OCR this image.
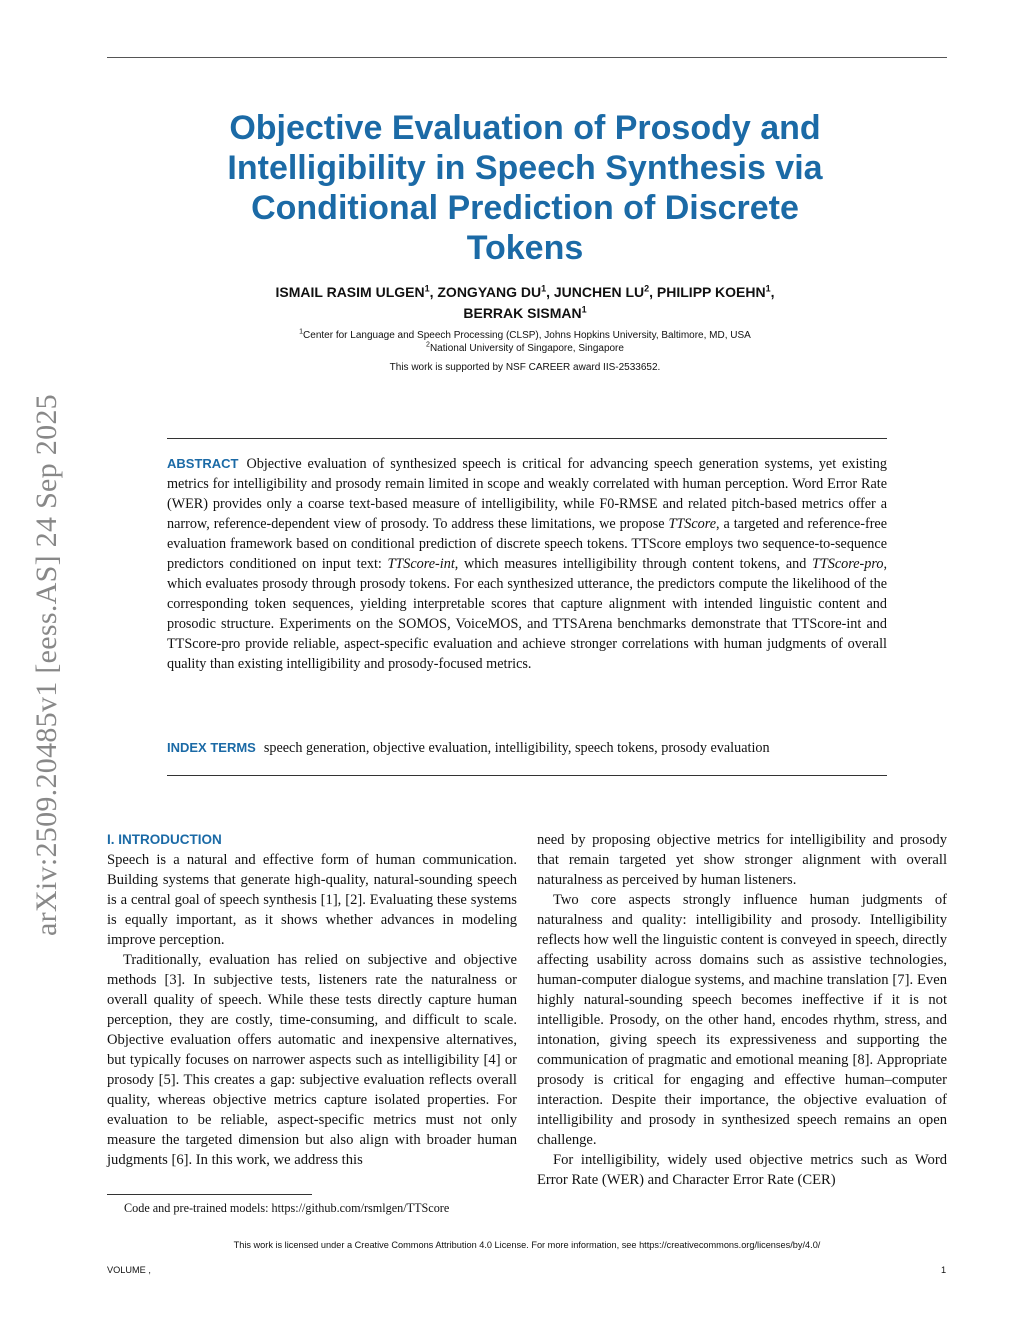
arXiv:2509.20485v1 [eess.AS] 24 Sep 2025
Objective Evaluation of Prosody and Intelligibility in Speech Synthesis via Conditional Prediction of Discrete Tokens
ISMAIL RASIM ULGEN$^1$, ZONGYANG $DU^1$, JUNCHEN $LU^2$, PHILIPP KOEHN$^1$,
BERRAK SISMAN$^1$
$^1$Center for Language and Speech Processing (CLSP), Johns Hopkins University, Baltimore, MD, USA
$^2$National University of Singapore, Singapore
This work is supported by NSF CAREER award IIS-2533652.

ABSTRACT Objective evaluation of synthesized speech is critical for advancing speech generation systems, yet existing metrics for intelligibility and prosody remain limited in scope and weakly correlated with human perception. Word Error Rate (WER) provides only a coarse text-based measure of intelligibility, while F0-RMSE and related pitch-based metrics offer a narrow, reference-dependent view of prosody. To address these limitations, we propose TTScore, a targeted and reference-free evaluation framework based on conditional prediction of discrete speech tokens. TTScore employs two sequence-to-sequence predictors conditioned on input text: TTScore-int, which measures intelligibility through content tokens, and TTScore-pro, which evaluates prosody through prosody tokens. For each synthesized utterance, the predictors compute the likelihood of the corresponding token sequences, yielding interpretable scores that capture alignment with intended linguistic content and prosodic structure. Experiments on the SOMOS, VoiceMOS, and TTSArena benchmarks demonstrate that TTScore-int and TTScore-pro provide reliable, aspect-specific evaluation and achieve stronger correlations with human judgments of overall quality than existing intelligibility and prosody-focused metrics.

INDEX TERMS speech generation, objective evaluation, intelligibility, speech tokens, prosody evaluation
I. INTRODUCTION

Speech is a natural and effective form of human communication. Building systems that generate high-quality, natural-sounding speech is a central goal of speech synthesis [1], [2]. Evaluating these systems is equally important, as it shows whether advances in modeling improve perception.

Traditionally, evaluation has relied on subjective and objective methods [3]. In subjective tests, listeners rate the naturalness or overall quality of speech. While these tests directly capture human perception, they are costly, time-consuming, and difficult to scale. Objective evaluation offers automatic and inexpensive alternatives, but typically focuses on narrower aspects such as intelligibility [4] or prosody [5]. This creates a gap: subjective evaluation reflects overall quality, whereas objective metrics capture isolated properties. For evaluation to be reliable, aspect-specific metrics must not only measure the targeted dimension but also align with broader human judgments [6]. In this work, we address this

need by proposing objective metrics for intelligibility and prosody that remain targeted yet show stronger alignment with overall naturalness as perceived by human listeners.

Two core aspects strongly influence human judgments of naturalness and quality: intelligibility and prosody. Intelligibility reflects how well the linguistic content is conveyed in speech, directly affecting usability across domains such as assistive technologies, human-computer dialogue systems, and machine translation [7]. Even highly natural-sounding speech becomes ineffective if it is not intelligible. Prosody, on the other hand, encodes rhythm, stress, and intonation, giving speech its expressiveness and supporting the communication of pragmatic and emotional meaning [8]. Appropriate prosody is critical for engaging and effective human–computer interaction. Despite their importance, the objective evaluation of intelligibility and prosody in synthesized speech remains an open challenge.

For intelligibility, widely used objective metrics such as Word Error Rate (WER) and Character Error Rate (CER)

Code and pre-trained models: https://github.com/rsmlgen/TTScore
This work is licensed under a Creative Commons Attribution 4.0 License. For more information, see https://creativecommons.org/licenses/by/4.0/
VOLUME ,	1
